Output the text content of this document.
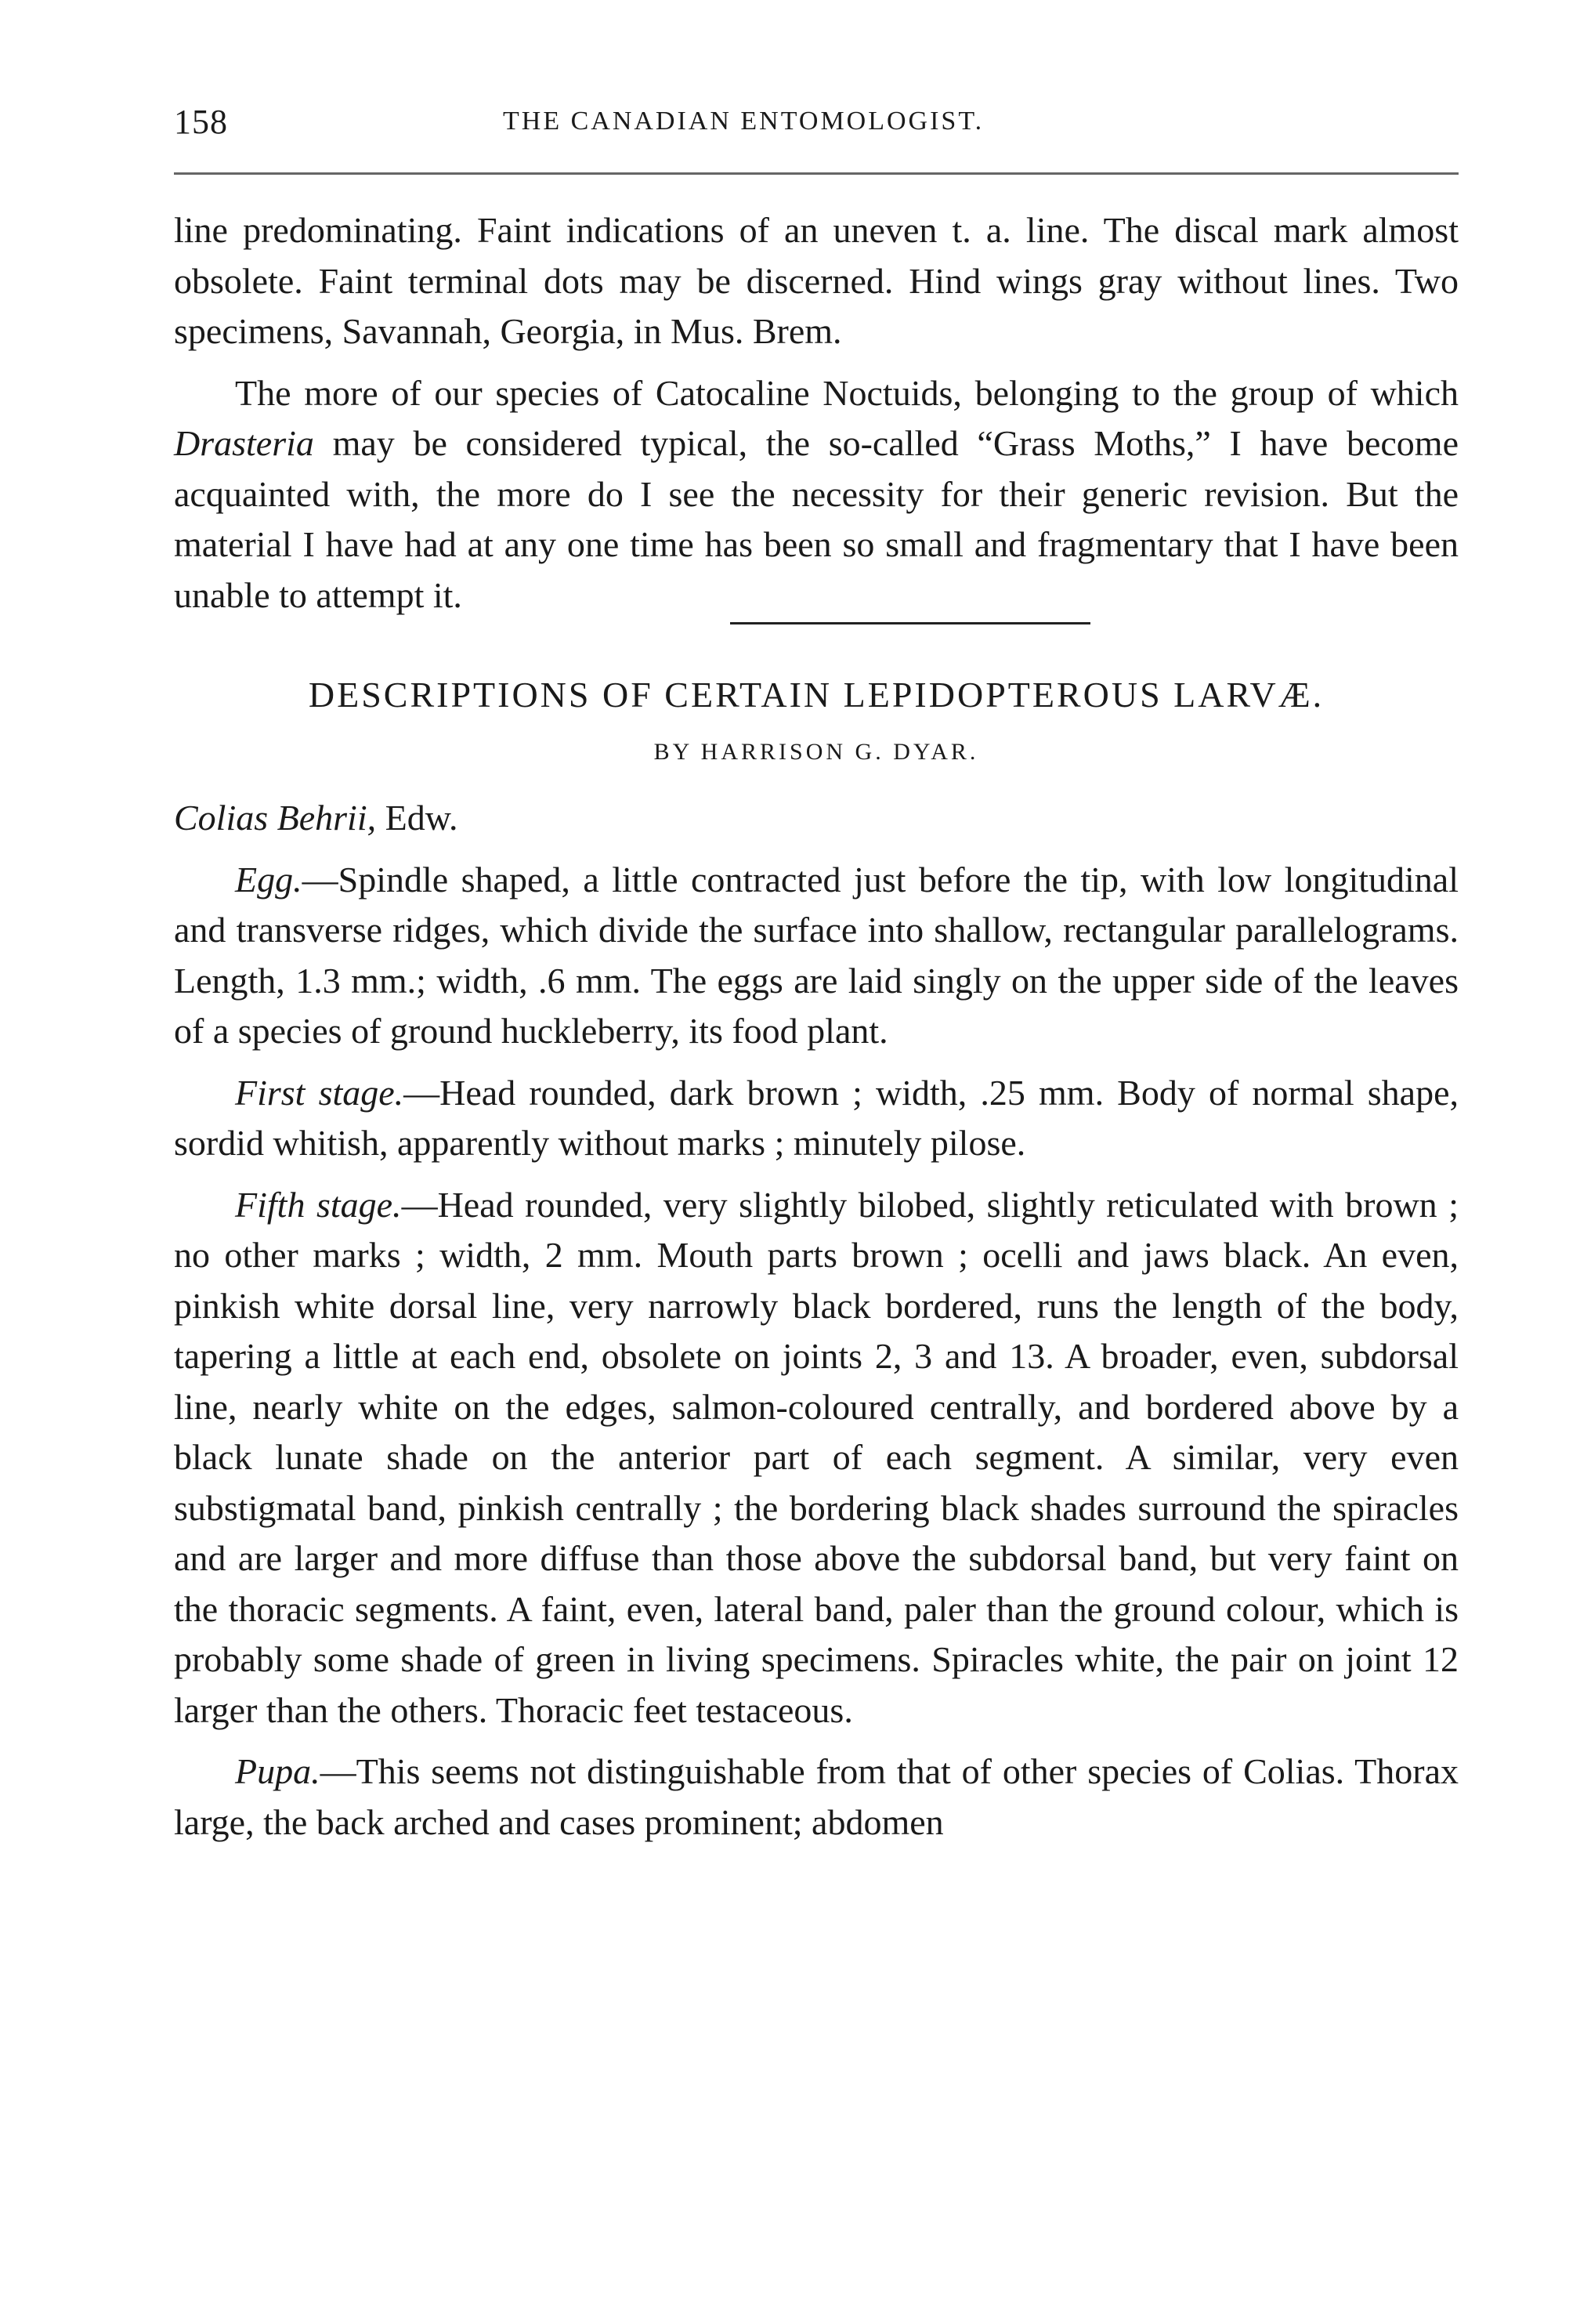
158	THE CANADIAN ENTOMOLOGIST.

line predominating. Faint indications of an uneven t. a. line. The discal mark almost obsolete. Faint terminal dots may be discerned. Hind wings gray without lines. Two specimens, Savannah, Georgia, in Mus. Brem.

The more of our species of Catocaline Noctuids, belonging to the group of which Drasteria may be considered typical, the so-called “Grass Moths,” I have become acquainted with, the more do I see the necessity for their generic revision. But the material I have had at any one time has been so small and fragmentary that I have been unable to attempt it.

DESCRIPTIONS OF CERTAIN LEPIDOPTEROUS LARVÆ.

BY HARRISON G. DYAR.

Colias Behrii, Edw.

Egg.—Spindle shaped, a little contracted just before the tip, with low longitudinal and transverse ridges, which divide the surface into shallow, rectangular parallelograms. Length, 1.3 mm.; width, .6 mm. The eggs are laid singly on the upper side of the leaves of a species of ground huckleberry, its food plant.

First stage.—Head rounded, dark brown ; width, .25 mm. Body of normal shape, sordid whitish, apparently without marks ; minutely pilose.

Fifth stage.—Head rounded, very slightly bilobed, slightly reticulated with brown ; no other marks ; width, 2 mm. Mouth parts brown ; ocelli and jaws black. An even, pinkish white dorsal line, very narrowly black bordered, runs the length of the body, tapering a little at each end, obsolete on joints 2, 3 and 13. A broader, even, subdorsal line, nearly white on the edges, salmon-coloured centrally, and bordered above by a black lunate shade on the anterior part of each segment. A similar, very even substigmatal band, pinkish centrally ; the bordering black shades surround the spiracles and are larger and more diffuse than those above the subdorsal band, but very faint on the thoracic segments. A faint, even, lateral band, paler than the ground colour, which is probably some shade of green in living specimens. Spiracles white, the pair on joint 12 larger than the others. Thoracic feet testaceous.

Pupa.—This seems not distinguishable from that of other species of Colias. Thorax large, the back arched and cases prominent; abdomen
